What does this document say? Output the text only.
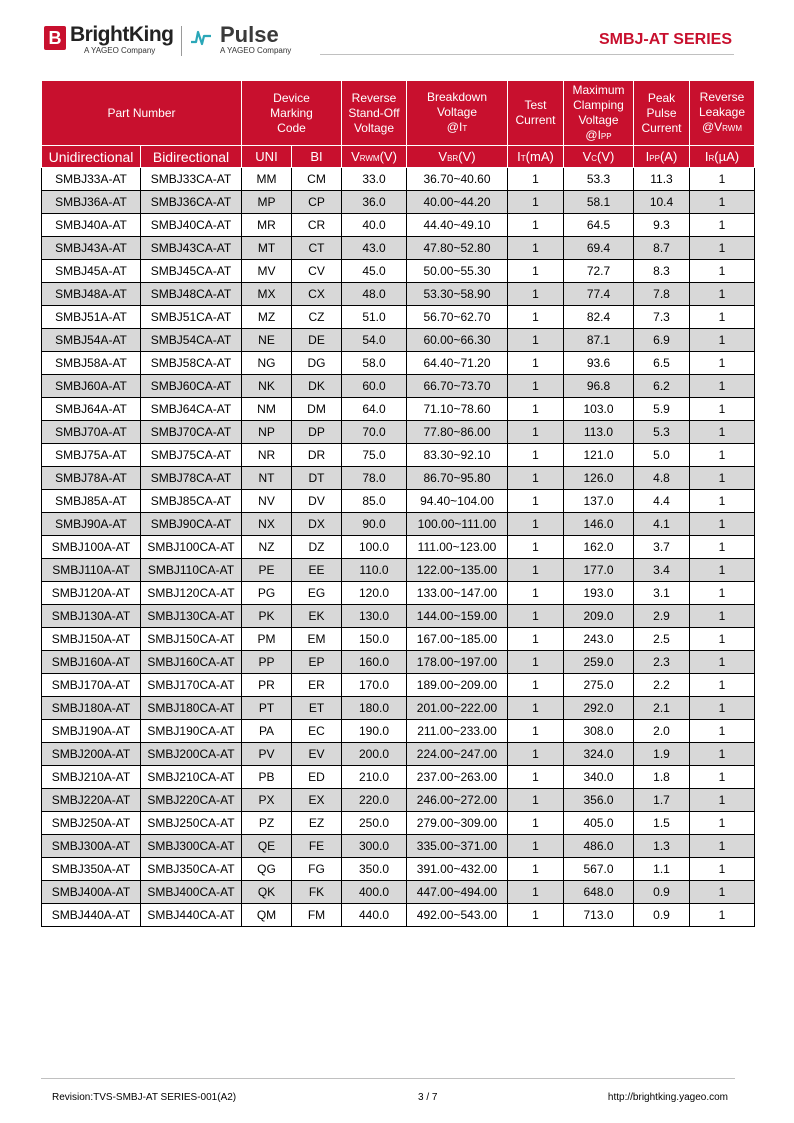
B BrightKing
A YAGEO Company
Pulse
A YAGEO Company
SMBJ-AT SERIES
Part Number		Device
Marking
Code		Reverse
Stand-Off
Voltage	Breakdown
Voltage
@IT	Test
Current	Maximum
Clamping
Voltage
@IPP	Peak
Pulse
Current	Reverse
Leakage
@VRWM
Unidirectional	Bidirectional	UNI	BI	VRWM(V)	VBR(V)	IT(mA)	VC(V)	IPP(A)	IR(µA)
SMBJ33A-AT	SMBJ33CA-AT	MM	CM	33.0	36.70~40.60	1	53.3	11.3	1
SMBJ36A-AT	SMBJ36CA-AT	MP	CP	36.0	40.00~44.20	1	58.1	10.4	1
SMBJ40A-AT	SMBJ40CA-AT	MR	CR	40.0	44.40~49.10	1	64.5	9.3	1
SMBJ43A-AT	SMBJ43CA-AT	MT	CT	43.0	47.80~52.80	1	69.4	8.7	1
SMBJ45A-AT	SMBJ45CA-AT	MV	CV	45.0	50.00~55.30	1	72.7	8.3	1
SMBJ48A-AT	SMBJ48CA-AT	MX	CX	48.0	53.30~58.90	1	77.4	7.8	1
SMBJ51A-AT	SMBJ51CA-AT	MZ	CZ	51.0	56.70~62.70	1	82.4	7.3	1
SMBJ54A-AT	SMBJ54CA-AT	NE	DE	54.0	60.00~66.30	1	87.1	6.9	1
SMBJ58A-AT	SMBJ58CA-AT	NG	DG	58.0	64.40~71.20	1	93.6	6.5	1
SMBJ60A-AT	SMBJ60CA-AT	NK	DK	60.0	66.70~73.70	1	96.8	6.2	1
SMBJ64A-AT	SMBJ64CA-AT	NM	DM	64.0	71.10~78.60	1	103.0	5.9	1
SMBJ70A-AT	SMBJ70CA-AT	NP	DP	70.0	77.80~86.00	1	113.0	5.3	1
SMBJ75A-AT	SMBJ75CA-AT	NR	DR	75.0	83.30~92.10	1	121.0	5.0	1
SMBJ78A-AT	SMBJ78CA-AT	NT	DT	78.0	86.70~95.80	1	126.0	4.8	1
SMBJ85A-AT	SMBJ85CA-AT	NV	DV	85.0	94.40~104.00	1	137.0	4.4	1
SMBJ90A-AT	SMBJ90CA-AT	NX	DX	90.0	100.00~111.00	1	146.0	4.1	1
SMBJ100A-AT	SMBJ100CA-AT	NZ	DZ	100.0	111.00~123.00	1	162.0	3.7	1
SMBJ110A-AT	SMBJ110CA-AT	PE	EE	110.0	122.00~135.00	1	177.0	3.4	1
SMBJ120A-AT	SMBJ120CA-AT	PG	EG	120.0	133.00~147.00	1	193.0	3.1	1
SMBJ130A-AT	SMBJ130CA-AT	PK	EK	130.0	144.00~159.00	1	209.0	2.9	1
SMBJ150A-AT	SMBJ150CA-AT	PM	EM	150.0	167.00~185.00	1	243.0	2.5	1
SMBJ160A-AT	SMBJ160CA-AT	PP	EP	160.0	178.00~197.00	1	259.0	2.3	1
SMBJ170A-AT	SMBJ170CA-AT	PR	ER	170.0	189.00~209.00	1	275.0	2.2	1
SMBJ180A-AT	SMBJ180CA-AT	PT	ET	180.0	201.00~222.00	1	292.0	2.1	1
SMBJ190A-AT	SMBJ190CA-AT	PA	EC	190.0	211.00~233.00	1	308.0	2.0	1
SMBJ200A-AT	SMBJ200CA-AT	PV	EV	200.0	224.00~247.00	1	324.0	1.9	1
SMBJ210A-AT	SMBJ210CA-AT	PB	ED	210.0	237.00~263.00	1	340.0	1.8	1
SMBJ220A-AT	SMBJ220CA-AT	PX	EX	220.0	246.00~272.00	1	356.0	1.7	1
SMBJ250A-AT	SMBJ250CA-AT	PZ	EZ	250.0	279.00~309.00	1	405.0	1.5	1
SMBJ300A-AT	SMBJ300CA-AT	QE	FE	300.0	335.00~371.00	1	486.0	1.3	1
SMBJ350A-AT	SMBJ350CA-AT	QG	FG	350.0	391.00~432.00	1	567.0	1.1	1
SMBJ400A-AT	SMBJ400CA-AT	QK	FK	400.0	447.00~494.00	1	648.0	0.9	1
SMBJ440A-AT	SMBJ440CA-AT	QM	FM	440.0	492.00~543.00	1	713.0	0.9	1
Revision:TVS-SMBJ-AT SERIES-001(A2)	3 / 7	http://brightking.yageo.com
